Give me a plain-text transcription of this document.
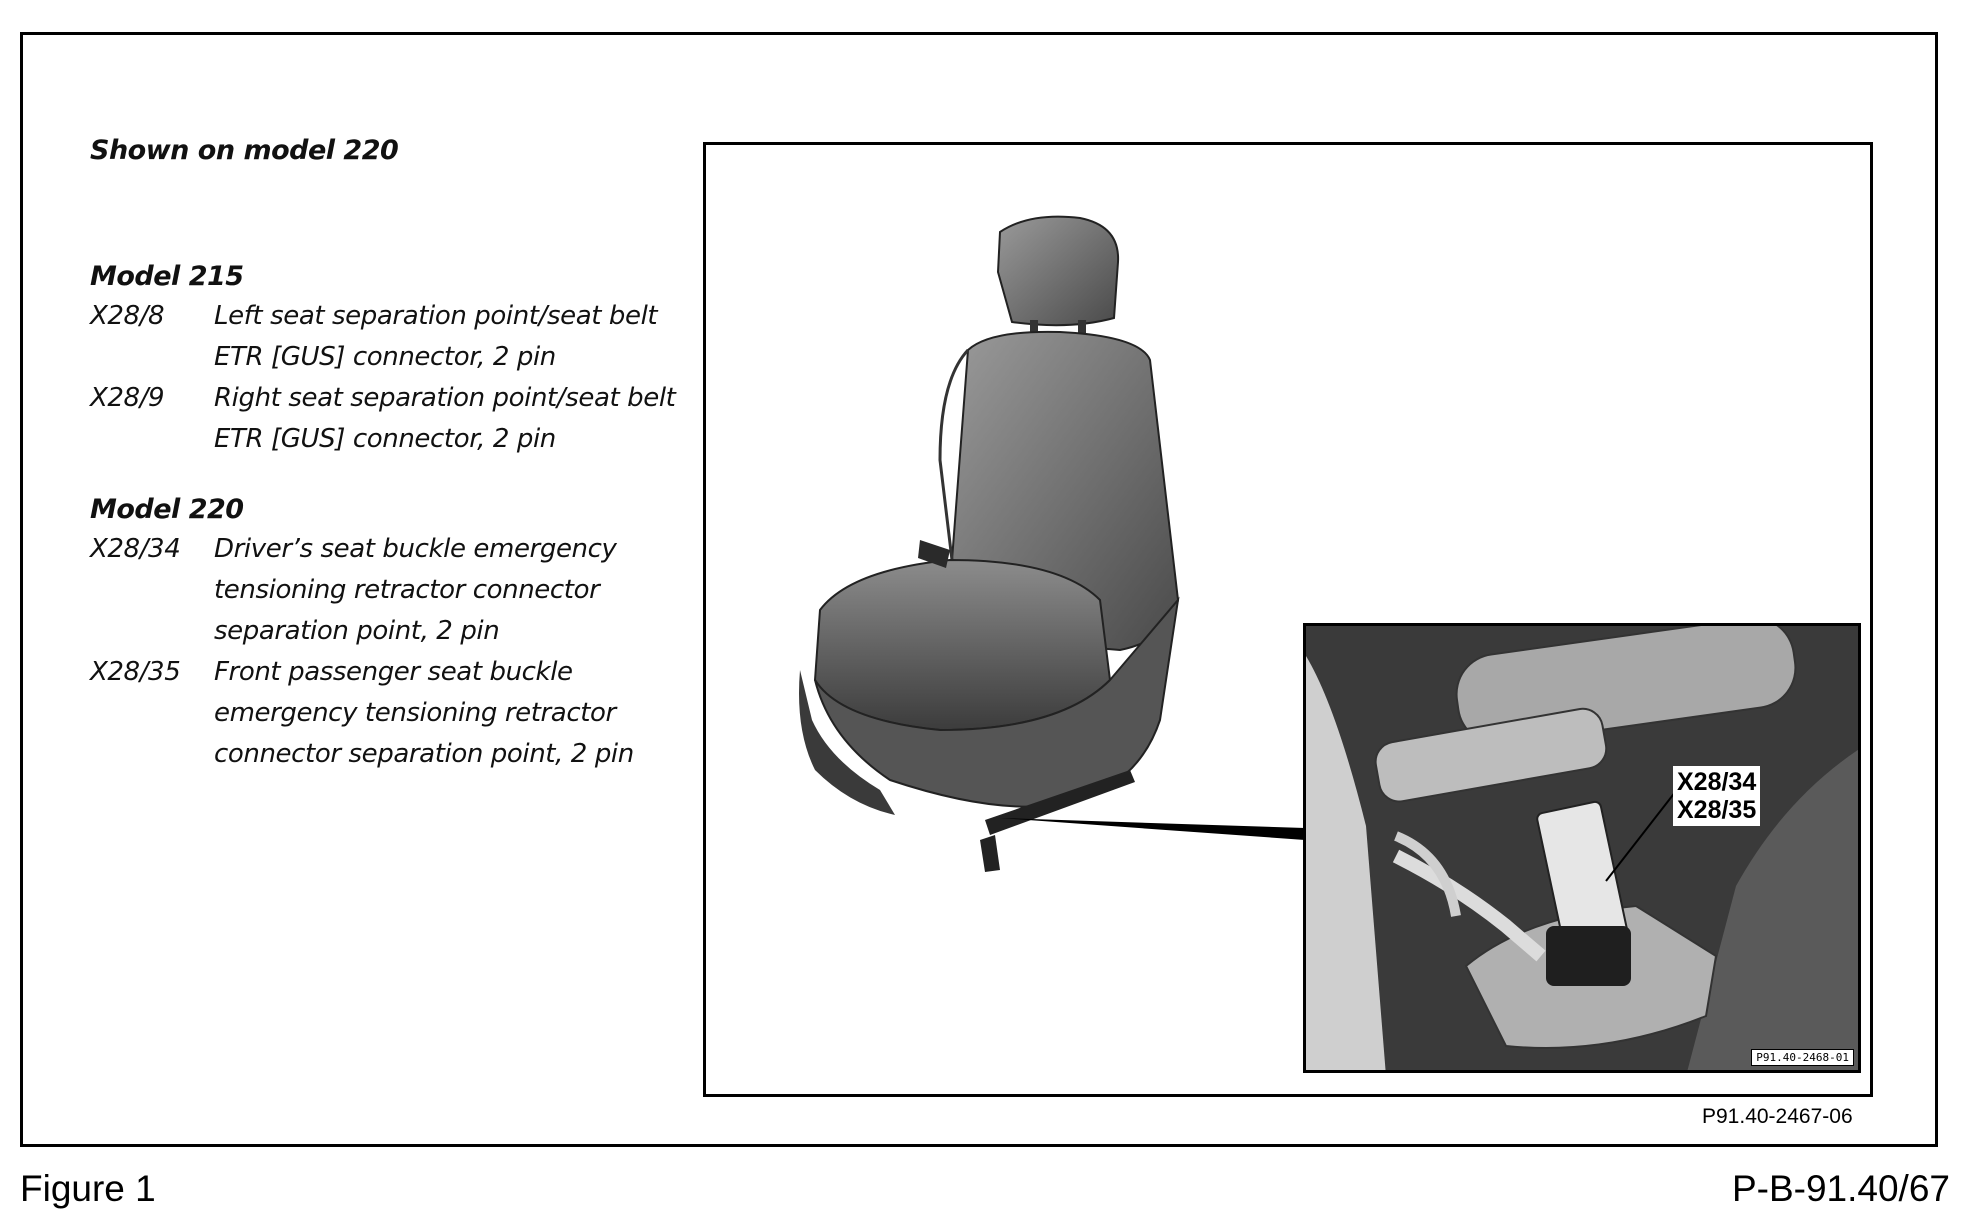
Shown on model 220
Model 215
X28/8	Left seat separation point/seat belt ETR [GUS] connector, 2 pin
X28/9	Right seat separation point/seat belt ETR [GUS] connector, 2 pin
Model 220
X28/34	Driver’s seat buckle emergency tensioning retractor connector separation point, 2 pin
X28/35	Front passenger seat buckle emergency tensioning retractor connector separation point, 2 pin
X28/34
X28/35
P91.40-2468-01
P91.40-2467-06
Figure 1	P-B-91.40/67
